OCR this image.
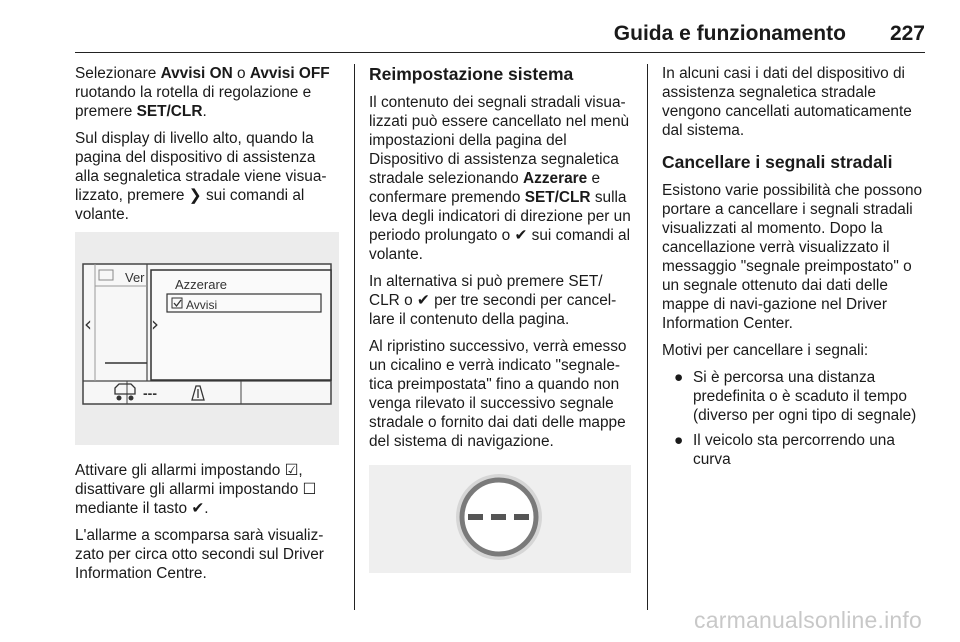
Guida e funzionamento 227

Selezionare Avvisi ON o Avvisi OFF ruotando la rotella di regolazione e premere SET/CLR.

Sul display di livello alto, quando la pagina del dispositivo di assistenza alla segnaletica stradale viene visua-lizzato, premere ❯ sui comandi al volante.

Ver Azzerare
Avvisi
‹	›
---

Attivare gli allarmi impostando ☑, disattivare gli allarmi impostando ☐ mediante il tasto ✔.

L'allarme a scomparsa sarà visualiz-zato per circa otto secondi sul Driver Information Centre.

Reimpostazione sistema

Il contenuto dei segnali stradali visua-lizzati può essere cancellato nel menù impostazioni della pagina del Dispositivo di assistenza segnaletica stradale selezionando Azzerare e confermare premendo SET/CLR sulla leva degli indicatori di direzione per un periodo prolungato o ✔ sui comandi al volante.

In alternativa si può premere SET/ CLR o ✔ per tre secondi per cancel-lare il contenuto della pagina.

Al ripristino successivo, verrà emesso un cicalino e verrà indicato "segnale-tica preimpostata" fino a quando non venga rilevato il successivo segnale stradale o fornito dai dati delle mappe del sistema di navigazione.

In alcuni casi i dati del dispositivo di assistenza segnaletica stradale vengono cancellati automaticamente dal sistema.

Cancellare i segnali stradali

Esistono varie possibilità che possono portare a cancellare i segnali stradali visualizzati al momento. Dopo la cancellazione verrà visualizzato il messaggio "segnale preimpostato" o un segnale ottenuto dai dati delle mappe di navi-gazione nel Driver Information Center.

Motivi per cancellare i segnali:

● Si è percorsa una distanza predefinita o è scaduto il tempo (diverso per ogni tipo di segnale)
● Il veicolo sta percorrendo una curva
carmanualsonline.info
